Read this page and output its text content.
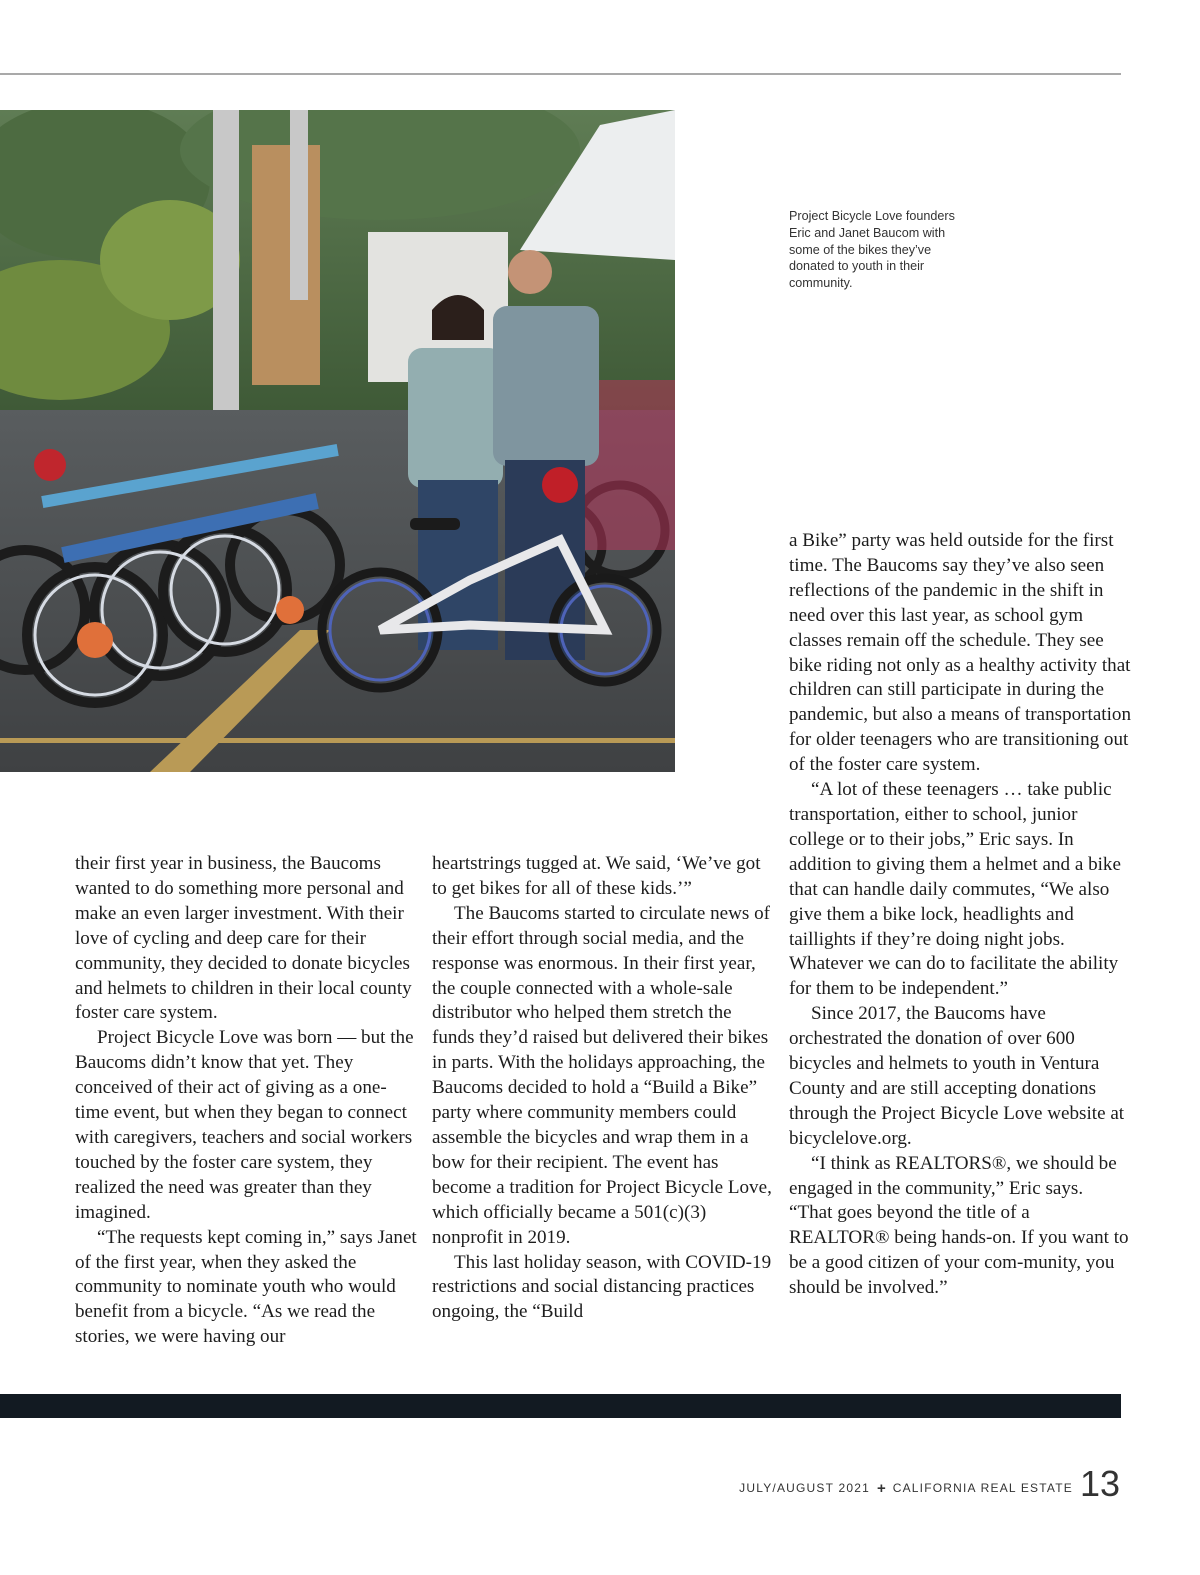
Project Bicycle Love founders Eric and Janet Baucom with some of the bikes they’ve donated to youth in their community.

their first year in business, the Baucoms wanted to do something more personal and make an even larger investment. With their love of cycling and deep care for their community, they decided to donate bicycles and helmets to children in their local county foster care system.

Project Bicycle Love was born — but the Baucoms didn’t know that yet. They conceived of their act of giving as a one-time event, but when they began to connect with caregivers, teachers and social workers touched by the foster care system, they realized the need was greater than they imagined.

“The requests kept coming in,” says Janet of the first year, when they asked the community to nominate youth who would benefit from a bicycle. “As we read the stories, we were having our

heartstrings tugged at. We said, ‘We’ve got to get bikes for all of these kids.’”

The Baucoms started to circulate news of their effort through social media, and the response was enormous. In their first year, the couple connected with a whole-sale distributor who helped them stretch the funds they’d raised but delivered their bikes in parts. With the holidays approaching, the Baucoms decided to hold a “Build a Bike” party where community members could assemble the bicycles and wrap them in a bow for their recipient. The event has become a tradition for Project Bicycle Love, which officially became a 501(c)(3) nonprofit in 2019.

This last holiday season, with COVID-19 restrictions and social distancing practices ongoing, the “Build

a Bike” party was held outside for the first time. The Baucoms say they’ve also seen reflections of the pandemic in the shift in need over this last year, as school gym classes remain off the schedule. They see bike riding not only as a healthy activity that children can still participate in during the pandemic, but also a means of transportation for older teenagers who are transitioning out of the foster care system.

“A lot of these teenagers … take public transportation, either to school, junior college or to their jobs,” Eric says. In addition to giving them a helmet and a bike that can handle daily commutes, “We also give them a bike lock, headlights and taillights if they’re doing night jobs. Whatever we can do to facilitate the ability for them to be independent.”

Since 2017, the Baucoms have orchestrated the donation of over 600 bicycles and helmets to youth in Ventura County and are still accepting donations through the Project Bicycle Love website at bicyclelove.org.

“I think as REALTORS®, we should be engaged in the community,” Eric says. “That goes beyond the title of a REALTOR® being hands-on. If you want to be a good citizen of your com-munity, you should be involved.”

JULY/AUGUST 2021 + CALIFORNIA REAL ESTATE 13
